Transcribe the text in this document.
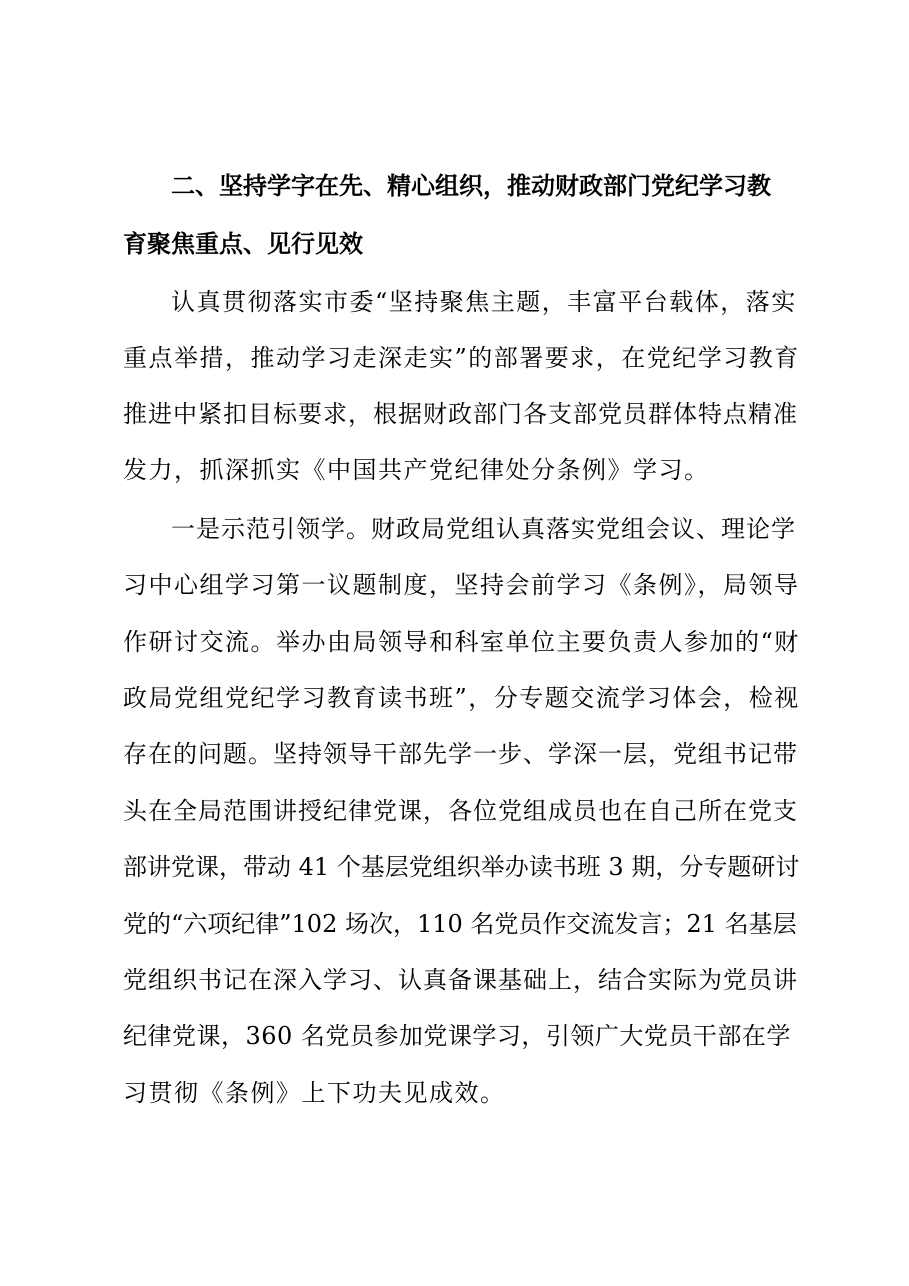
二、坚持学字在先、精心组织，推动财政部门党纪学习教
育聚焦重点、见行见效
认真贯彻落实市委“坚持聚焦主题，丰富平台载体，落实
重点举措，推动学习走深走实”的部署要求，在党纪学习教育
推进中紧扣目标要求，根据财政部门各支部党员群体特点精准
发力，抓深抓实《中国共产党纪律处分条例》学习。
一是示范引领学。财政局党组认真落实党组会议、理论学
习中心组学习第一议题制度，坚持会前学习《条例》，局领导
作研讨交流。举办由局领导和科室单位主要负责人参加的“财
政局党组党纪学习教育读书班”，分专题交流学习体会，检视
存在的问题。坚持领导干部先学一步、学深一层，党组书记带
头在全局范围讲授纪律党课，各位党组成员也在自己所在党支
部讲党课，带动 41 个基层党组织举办读书班 3 期，分专题研讨
党的“六项纪律”102 场次，110 名党员作交流发言；21 名基层
党组织书记在深入学习、认真备课基础上，结合实际为党员讲
纪律党课，360 名党员参加党课学习，引领广大党员干部在学
习贯彻《条例》上下功夫见成效。
